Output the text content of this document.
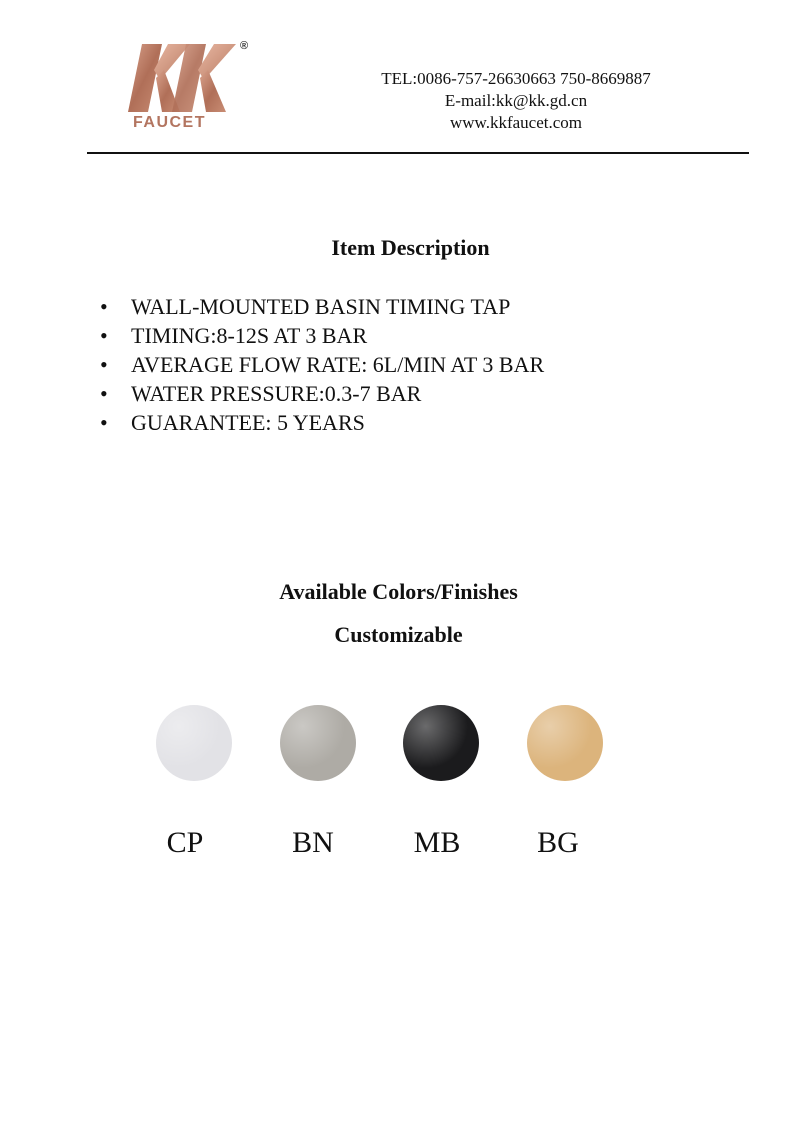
FAUCET
®
TEL:0086-757-26630663 750-8669887
E-mail:kk@kk.gd.cn
www.kkfaucet.com
Item Description
• WALL-MOUNTED BASIN TIMING TAP
• TIMING:8-12S AT 3 BAR
• AVERAGE FLOW RATE: 6L/MIN AT 3 BAR
• WATER PRESSURE:0.3-7 BAR
• GUARANTEE: 5 YEARS
Available Colors/Finishes
Customizable
CP	BN	MB	BG
